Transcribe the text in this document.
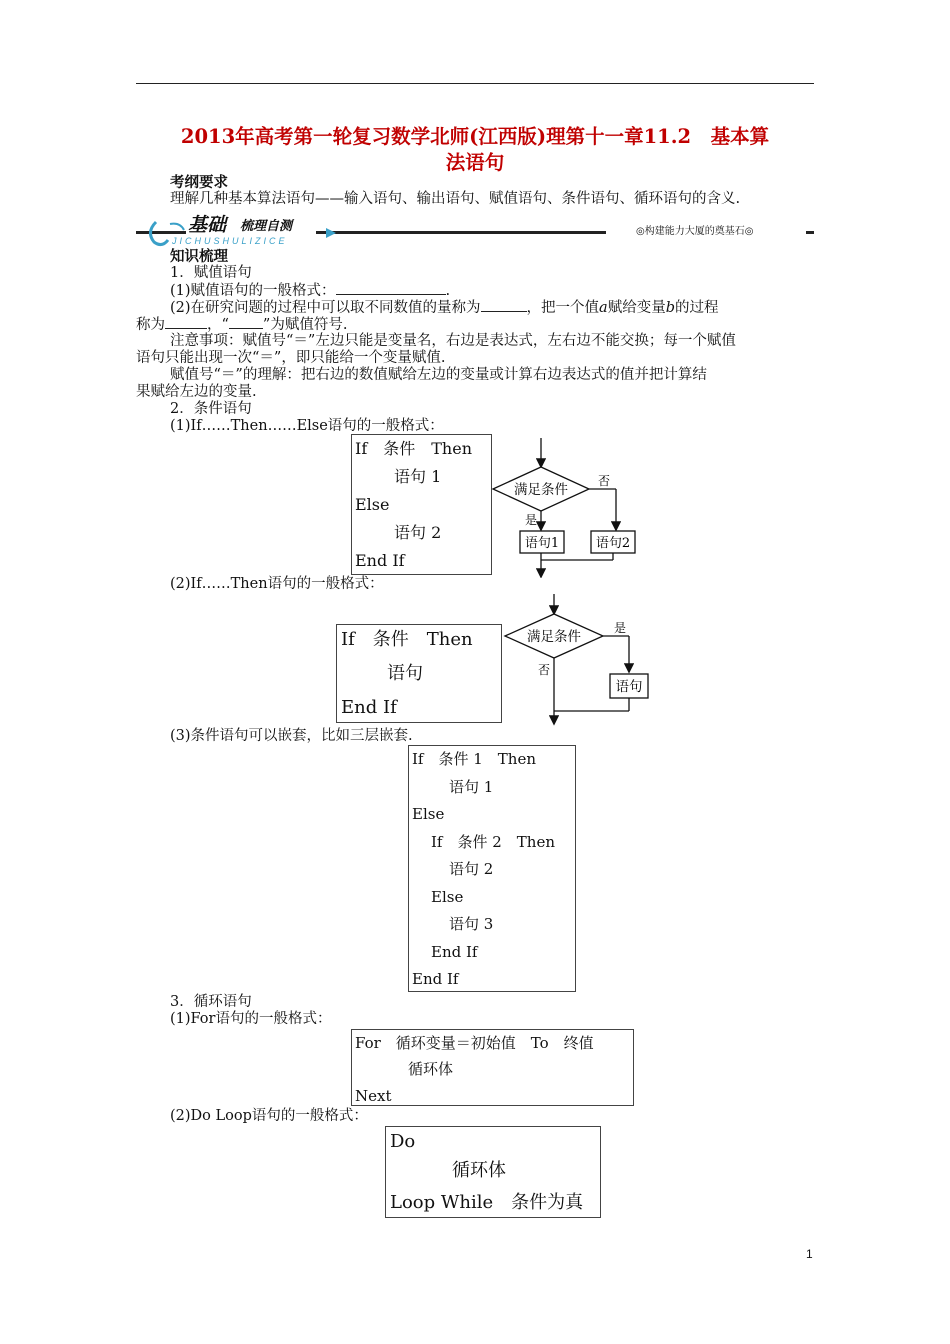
2013年高考第一轮复习数学北师(江西版)理第十一章11.2　基本算
法语句
考纲要求
理解几种基本算法语句——输入语句、输出语句、赋值语句、条件语句、循环语句的含义.
基础 梳理自测
JICHUSHULIZICE
◎构建能力大厦的奠基石◎
知识梳理
1．赋值语句
(1)赋值语句的一般格式：	.
(2)在研究问题的过程中可以取不同数值的量称为	，把一个值a赋给变量b的过程
称为	，“ ”为赋值符号.
注意事项：赋值号“＝”左边只能是变量名，右边是表达式，左右边不能交换；每一个赋值
语句只能出现一次“＝”，即只能给一个变量赋值.
赋值号“＝”的理解：把右边的数值赋给左边的变量或计算右边表达式的值并把计算结
果赋给左边的变量.
2．条件语句
(1)If……Then……Else语句的一般格式：
If　条件　Then
语句 1
Else
语句 2
End If
满足条件
否
是
语句1	语句2
(2)If……Then语句的一般格式：
If　条件　Then
语句
End If
满足条件
是
否
语句
(3)条件语句可以嵌套，比如三层嵌套.
If　条件 1　Then
语句 1
Else
If　条件 2　Then
语句 2
Else
语句 3
End If
End If
3．循环语句
(1)For语句的一般格式：
For　循环变量＝初始值　To　终值
循环体
Next
(2)Do Loop语句的一般格式：
Do
循环体
Loop While　条件为真
1
